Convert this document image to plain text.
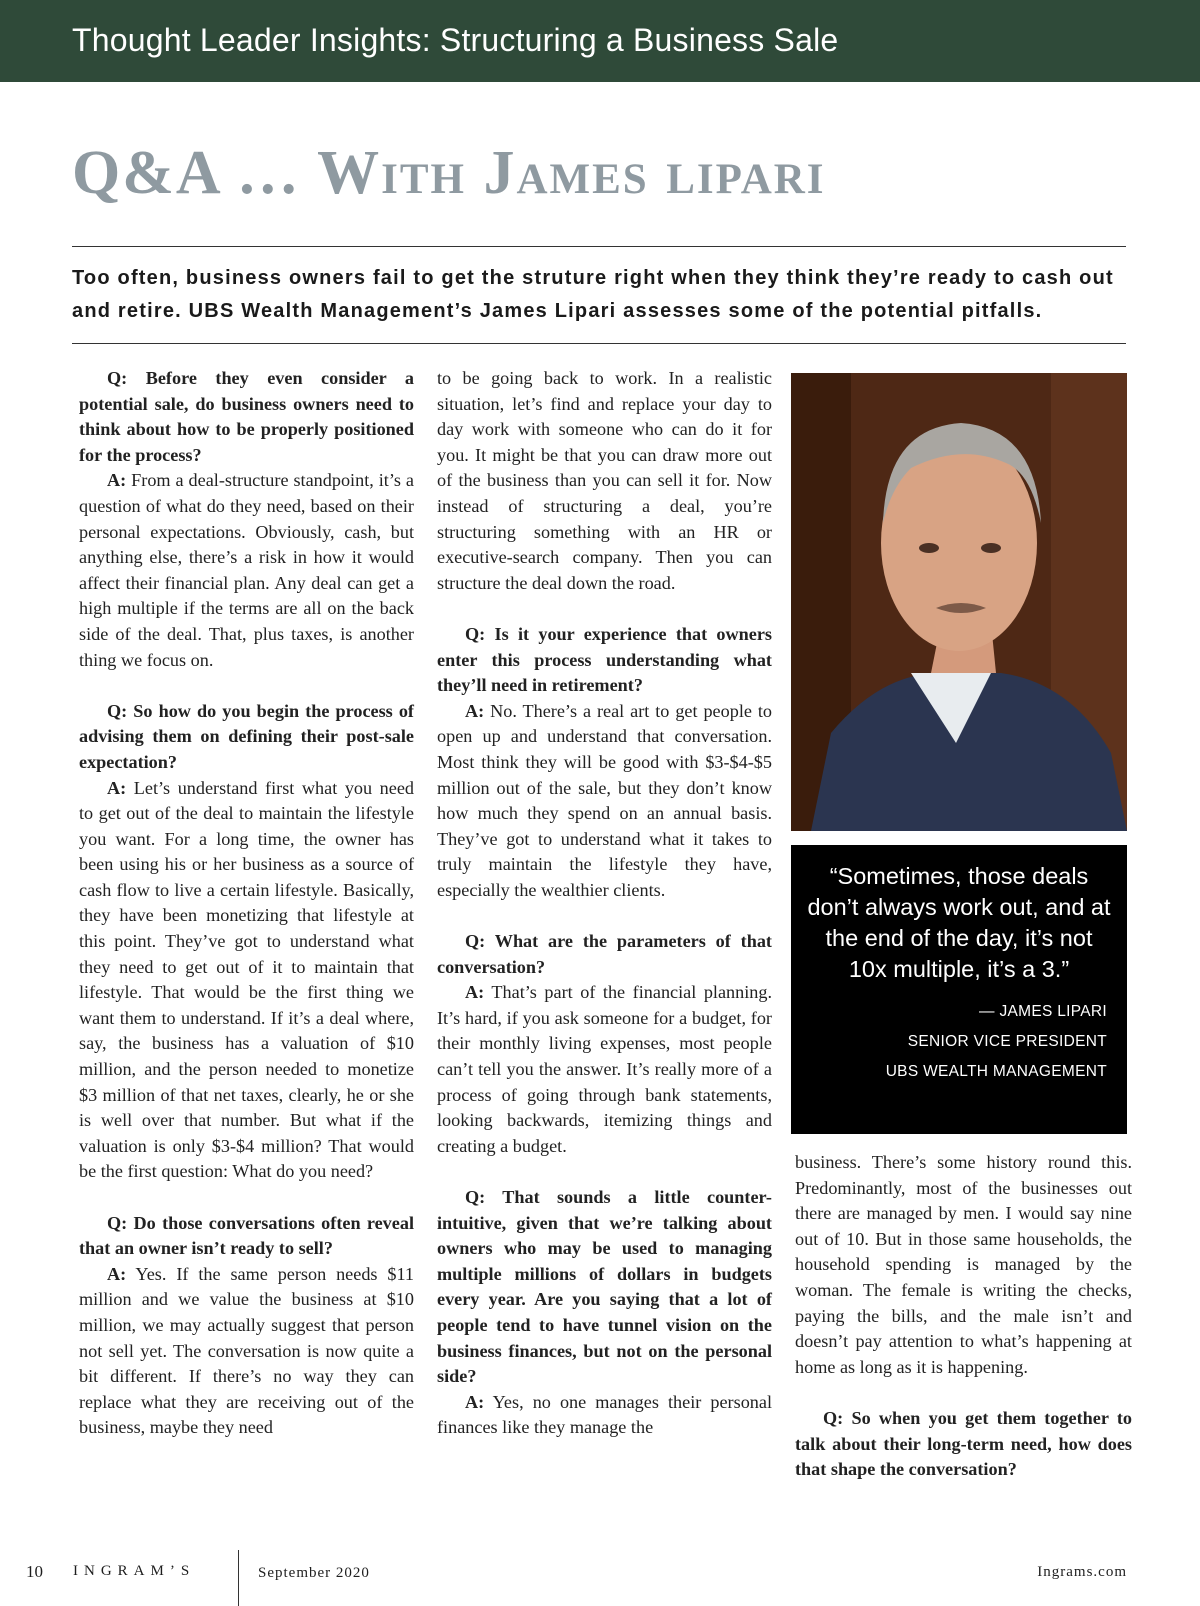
Thought Leader Insights: Structuring a Business Sale
Q&A … With James lipari
Too often, business owners fail to get the struture right when they think they’re ready to cash out and retire. UBS Wealth Management’s James Lipari assesses some of the potential pitfalls.

Q: Before they even consider a potential sale, do business owners need to think about how to be properly positioned for the process?

A: From a deal-structure standpoint, it’s a question of what do they need, based on their personal expectations. Obviously, cash, but anything else, there’s a risk in how it would affect their financial plan. Any deal can get a high multiple if the terms are all on the back side of the deal. That, plus taxes, is another thing we focus on.

Q: So how do you begin the process of advising them on defining their post-sale expectation?

A: Let’s understand first what you need to get out of the deal to maintain the lifestyle you want. For a long time, the owner has been using his or her business as a source of cash flow to live a certain lifestyle. Basically, they have been monetizing that lifestyle at this point. They’ve got to understand what they need to get out of it to maintain that lifestyle. That would be the first thing we want them to understand. If it’s a deal where, say, the business has a valuation of $10 million, and the person needed to monetize $3 million of that net taxes, clearly, he or she is well over that number. But what if the valuation is only $3-$4 million? That would be the first question: What do you need?

Q: Do those conversations often reveal that an owner isn’t ready to sell?

A: Yes. If the same person needs $11 million and we value the business at $10 million, we may actually suggest that person not sell yet. The conversation is now quite a bit different. If there’s no way they can replace what they are receiving out of the business, maybe they need

to be going back to work. In a realistic situation, let’s find and replace your day to day work with someone who can do it for you. It might be that you can draw more out of the business than you can sell it for. Now instead of structuring a deal, you’re structuring something with an HR or executive-search company. Then you can structure the deal down the road.

Q: Is it your experience that owners enter this process understanding what they’ll need in retirement?

A: No. There’s a real art to get people to open up and understand that conversation. Most think they will be good with $3-$4-$5 million out of the sale, but they don’t know how much they spend on an annual basis. They’ve got to understand what it takes to truly maintain the lifestyle they have, especially the wealthier clients.

Q: What are the parameters of that conversation?

A: That’s part of the financial planning. It’s hard, if you ask someone for a budget, for their monthly living expenses, most people can’t tell you the answer. It’s really more of a process of going through bank statements, looking backwards, itemizing things and creating a budget.

Q: That sounds a little counter-intuitive, given that we’re talking about owners who may be used to managing multiple millions of dollars in budgets every year. Are you saying that a lot of people tend to have tunnel vision on the business finances, but not on the personal side?

A: Yes, no one manages their personal finances like they manage the

“Sometimes, those deals don’t always work out, and at the end of the day, it’s not 10x multiple, it’s a 3.”
— JAMES LIPARI
SENIOR VICE PRESIDENT
UBS WEALTH MANAGEMENT

business. There’s some history round this. Predominantly, most of the businesses out there are managed by men. I would say nine out of 10. But in those same households, the household spending is managed by the woman. The female is writing the checks, paying the bills, and the male isn’t and doesn’t pay attention to what’s happening at home as long as it is happening.

Q: So when you get them together to talk about their long-term need, how does that shape the conversation?

10 INGRAM’S	September 2020	Ingrams.com
